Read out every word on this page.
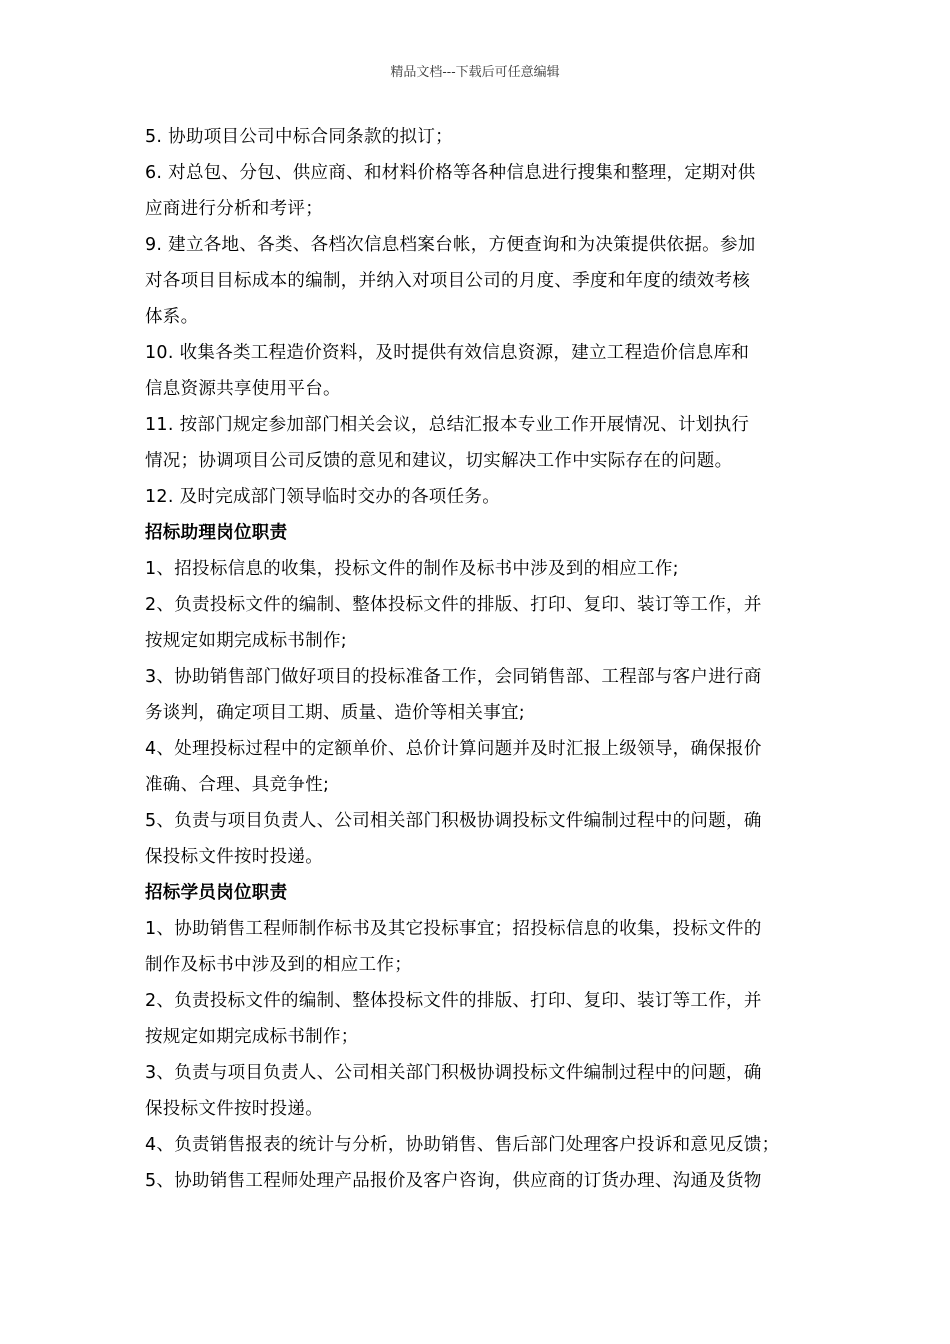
精品文档---下载后可任意编辑
5. 协助项目公司中标合同条款的拟订；
6. 对总包、分包、供应商、和材料价格等各种信息进行搜集和整理，定期对供
应商进行分析和考评；
9. 建立各地、各类、各档次信息档案台帐，方便查询和为决策提供依据。参加
对各项目目标成本的编制，并纳入对项目公司的月度、季度和年度的绩效考核
体系。
10. 收集各类工程造价资料，及时提供有效信息资源，建立工程造价信息库和
信息资源共享使用平台。
11. 按部门规定参加部门相关会议，总结汇报本专业工作开展情况、计划执行
情况；协调项目公司反馈的意见和建议，切实解决工作中实际存在的问题。
12. 及时完成部门领导临时交办的各项任务。
招标助理岗位职责
1、招投标信息的收集，投标文件的制作及标书中涉及到的相应工作;
2、负责投标文件的编制、整体投标文件的排版、打印、复印、装订等工作，并
按规定如期完成标书制作;
3、协助销售部门做好项目的投标准备工作，会同销售部、工程部与客户进行商
务谈判，确定项目工期、质量、造价等相关事宜;
4、处理投标过程中的定额单价、总价计算问题并及时汇报上级领导，确保报价
准确、合理、具竞争性;
5、负责与项目负责人、公司相关部门积极协调投标文件编制过程中的问题，确
保投标文件按时投递。
招标学员岗位职责
1、协助销售工程师制作标书及其它投标事宜；招投标信息的收集，投标文件的
制作及标书中涉及到的相应工作；
2、负责投标文件的编制、整体投标文件的排版、打印、复印、装订等工作，并
按规定如期完成标书制作；
3、负责与项目负责人、公司相关部门积极协调投标文件编制过程中的问题，确
保投标文件按时投递。
4、负责销售报表的统计与分析，协助销售、售后部门处理客户投诉和意见反馈；
5、协助销售工程师处理产品报价及客户咨询，供应商的订货办理、沟通及货物
